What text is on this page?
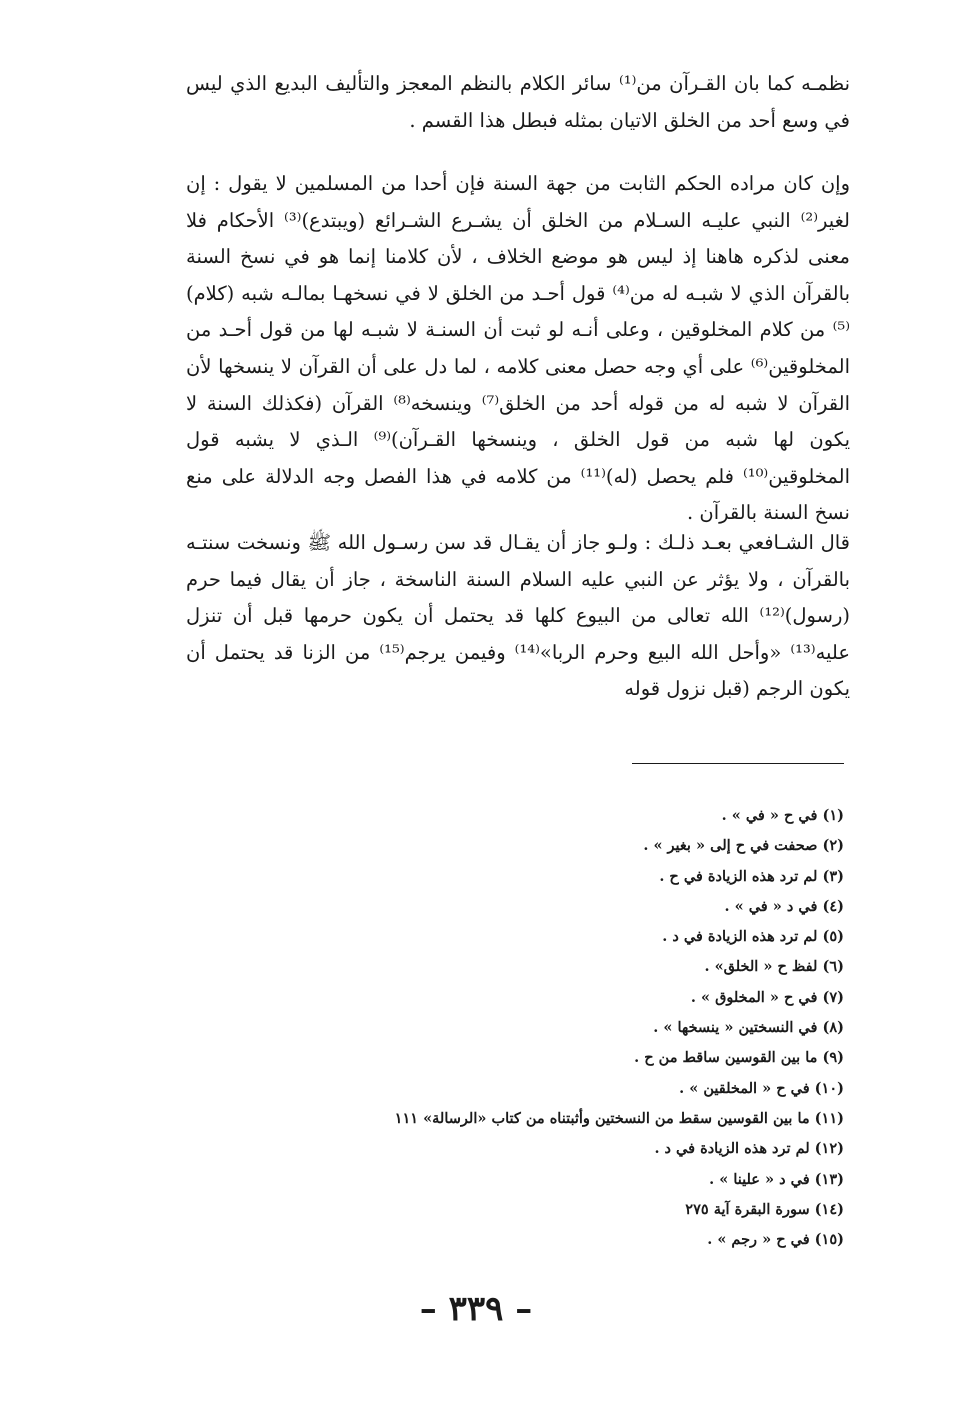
نظمـه كما بان القـرآن من⁽¹⁾ سائر الكلام بالنظم المعجز والتأليف البديع الذي ليس في وسع أحد من الخلق الاتيان بمثله فبطل هذا القسم .

وإن كان مراده الحكم الثابت من جهة السنة فإن أحدا من المسلمين لا يقول : إن لغير⁽²⁾ النبي عليـه السـلام من الخلق أن يشـرع الشـرائع (ويبتدع)⁽³⁾ الأحكام فلا معنى لذكره هاهنا إذ ليس هو موضع الخلاف ، لأن كلامنا إنما هو في نسخ السنة بالقرآن الذي لا شبـه له من⁽⁴⁾ قول أحـد من الخلق لا في نسخهـا بمالـه شبه (كلام)⁽⁵⁾ من كلام المخلوقين ، وعلى أنـه لو ثبت أن السنـة لا شبـه لها من قول أحـد من المخلوقين⁽⁶⁾ على أي وجه حصل معنى كلامه ، لما دل على أن القرآن لا ينسخها لأن القرآن لا شبه له من قوله أحد من الخلق⁽⁷⁾ وينسخه⁽⁸⁾ القرآن (فكذلك السنة لا يكون لها شبه من قول الخلق ، وينسخها القـرآن)⁽⁹⁾ الـذي لا يشبه قول المخلوقين⁽¹⁰⁾ فلم يحصل (له)⁽¹¹⁾ من كلامه في هذا الفصل وجه الدلالة على منع نسخ السنة بالقرآن .

قال الشـافعي بعـد ذلـك : ولـو جاز أن يقـال قد سن رسـول الله ﷺ ونسخت سنتـه بالقرآن ، ولا يؤثر عن النبي عليه السلام السنة الناسخة ، جاز أن يقال فيما حرم (رسول)⁽¹²⁾ الله تعالى من البيوع كلها قد يحتمل أن يكون حرمها قبل أن تنزل عليه⁽¹³⁾ «وأحل الله البيع وحرم الربا»⁽¹⁴⁾ وفيمن يرجم⁽¹⁵⁾ من الزنا قد يحتمل أن يكون الرجم (قبل نزول قوله

(١) في ح « في » .
(٢) صحفت في ح إلى « بغير » .
(٣) لم ترد هذه الزيادة في ح .
(٤) في د « في » .
(٥) لم ترد هذه الزيادة في د .
(٦) لفظ ح « الخلق» .
(٧) في ح « المخلوق » .
(٨) في النسختين « ينسخها » .
(٩) ما بين القوسين ساقط من ح .
(١٠) في ح « المخلقين » .
(١١) ما بين القوسين سقط من النسختين وأثبتناه من كتاب «الرسالة» ١١١
(١٢) لم ترد هذه الزيادة في د .
(١٣) في د « علينا » .
(١٤) سورة البقرة آية ٢٧٥
(١٥) في ح « رجم » .
– ٣٣٩ –
